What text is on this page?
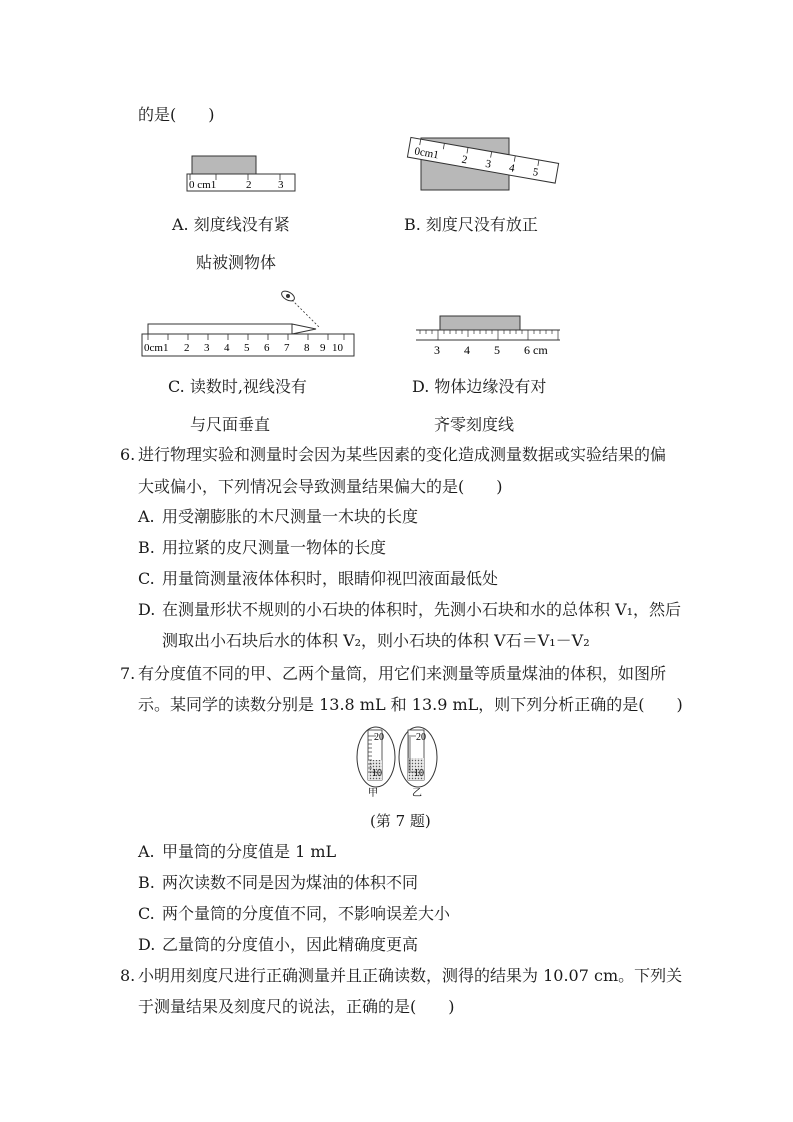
的是(　　)
0 cm1	2 3
A. 刻度线没有紧
贴被测物体
0cm1 2 3 4 5
B. 刻度尺没有放正
0cm1 2 3 4 5 6 7 8 9 10
C. 读数时,视线没有
与尺面垂直
3 4 5 6 cm
D. 物体边缘没有对
齐零刻度线
6. 进行物理实验和测量时会因为某些因素的变化造成测量数据或实验结果的偏
大或偏小，下列情况会导致测量结果偏大的是(　　)
A. 用受潮膨胀的木尺测量一木块的长度
B. 用拉紧的皮尺测量一物体的长度
C. 用量筒测量液体体积时，眼睛仰视凹液面最低处
D. 在测量形状不规则的小石块的体积时，先测小石块和水的总体积 V₁，然后
测取出小石块后水的体积 V₂，则小石块的体积 V石＝V₁－V₂
7. 有分度值不同的甲、乙两个量筒，用它们来测量等质量煤油的体积，如图所
示。某同学的读数分别是 13.8 mL 和 13.9 mL，则下列分析正确的是(　　)
20
10
甲
20
10
乙
(第 7 题)
A. 甲量筒的分度值是 1 mL
B. 两次读数不同是因为煤油的体积不同
C. 两个量筒的分度值不同，不影响误差大小
D. 乙量筒的分度值小，因此精确度更高
8. 小明用刻度尺进行正确测量并且正确读数，测得的结果为 10.07 cm。下列关
于测量结果及刻度尺的说法，正确的是(　　)
